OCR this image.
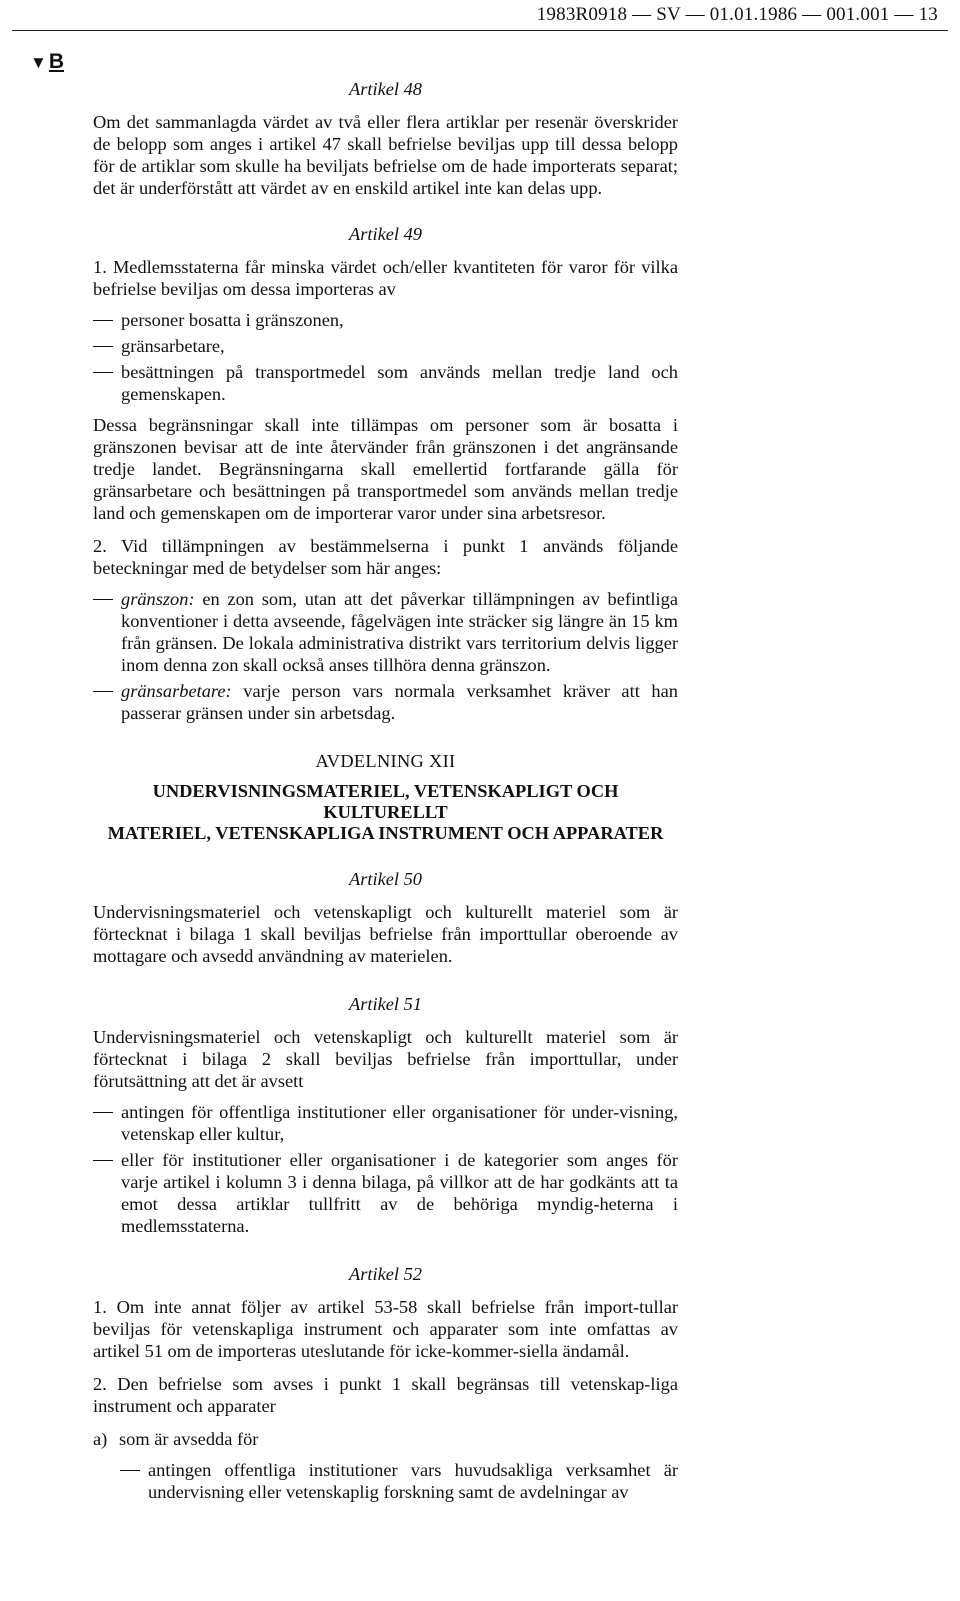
1983R0918 — SV — 01.01.1986 — 001.001 — 13
▼B

Artikel 48

Om det sammanlagda värdet av två eller flera artiklar per resenär överskrider de belopp som anges i artikel 47 skall befrielse beviljas upp till dessa belopp för de artiklar som skulle ha beviljats befrielse om de hade importerats separat; det är underförstått att värdet av en enskild artikel inte kan delas upp.

Artikel 49

1. Medlemsstaterna får minska värdet och/eller kvantiteten för varor för vilka befrielse beviljas om dessa importeras av

personer bosatta i gränszonen,
gränsarbetare,
besättningen på transportmedel som används mellan tredje land och gemenskapen.

Dessa begränsningar skall inte tillämpas om personer som är bosatta i gränszonen bevisar att de inte återvänder från gränszonen i det angränsande tredje landet. Begränsningarna skall emellertid fortfarande gälla för gränsarbetare och besättningen på transportmedel som används mellan tredje land och gemenskapen om de importerar varor under sina arbetsresor.

2. Vid tillämpningen av bestämmelserna i punkt 1 används följande beteckningar med de betydelser som här anges:

gränszon: en zon som, utan att det påverkar tillämpningen av befintliga konventioner i detta avseende, fågelvägen inte sträcker sig längre än 15 km från gränsen. De lokala administrativa distrikt vars territorium delvis ligger inom denna zon skall också anses tillhöra denna gränszon.
gränsarbetare: varje person vars normala verksamhet kräver att han passerar gränsen under sin arbetsdag.

AVDELNING XII

UNDERVISNINGSMATERIEL, VETENSKAPLIGT OCH KULTURELLT

MATERIEL, VETENSKAPLIGA INSTRUMENT OCH APPARATER

Artikel 50

Undervisningsmateriel och vetenskapligt och kulturellt materiel som är förtecknat i bilaga 1 skall beviljas befrielse från importtullar oberoende av mottagare och avsedd användning av materielen.

Artikel 51

Undervisningsmateriel och vetenskapligt och kulturellt materiel som är förtecknat i bilaga 2 skall beviljas befrielse från importtullar, under förutsättning att det är avsett

antingen för offentliga institutioner eller organisationer för under-visning, vetenskap eller kultur,
eller för institutioner eller organisationer i de kategorier som anges för varje artikel i kolumn 3 i denna bilaga, på villkor att de har godkänts att ta emot dessa artiklar tullfritt av de behöriga myndig-heterna i medlemsstaterna.

Artikel 52

1. Om inte annat följer av artikel 53-58 skall befrielse från import-tullar beviljas för vetenskapliga instrument och apparater som inte omfattas av artikel 51 om de importeras uteslutande för icke-kommer-siella ändamål.

2. Den befrielse som avses i punkt 1 skall begränsas till vetenskap-liga instrument och apparater

a) som är avsedda för
antingen offentliga institutioner vars huvudsakliga verksamhet är undervisning eller vetenskaplig forskning samt de avdelningar av
